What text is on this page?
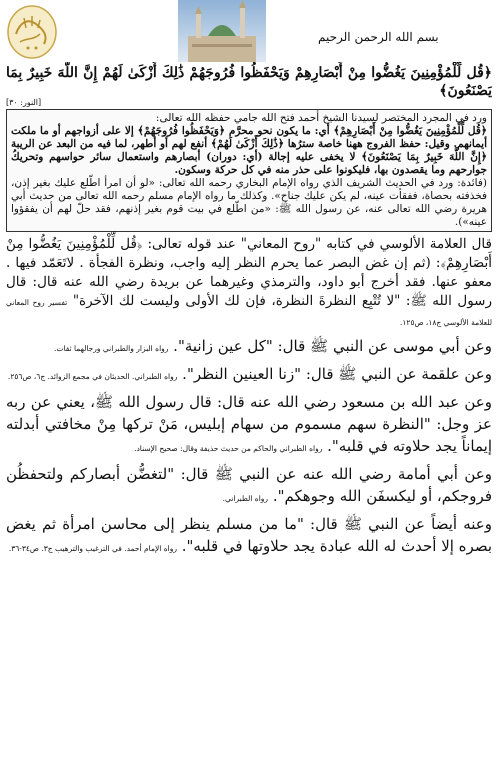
بسم الله الرحمن الرحيم

﴿قُل لِّلْمُؤْمِنِينَ يَغُضُّوا مِنْ أَبْصَارِهِمْ وَيَحْفَظُوا فُرُوجَهُمْ ذَٰلِكَ أَزْكَىٰ لَهُمْ إِنَّ اللَّهَ خَبِيرٌ بِمَا يَصْنَعُونَ﴾

[النور: ٣٠]

ورد في المجرد المختصر لسيدنا الشيخ أحمد فتح الله جامي حفظه الله تعالى:

﴿قُل لِّلْمُؤْمِنِينَ يَغُضُّوا مِنْ أَبْصَارِهِمْ﴾ أي: ما يكون نحو محرَّم ﴿وَيَحْفَظُوا فُرُوجَهُمْ﴾ إلا على أزواجهم أو ما ملكت أيمانهم. وقيل: حفظ الفروج ههنا خاصة سترُها ﴿ذَٰلِكَ أَزْكَىٰ لَهُمْ﴾ أنفع لهم أو أطهر، لما فيه من البعد عن الريبة ﴿إِنَّ اللَّهَ خَبِيرٌ بِمَا يَصْنَعُونَ﴾ لا يخفى عليه إجالة (أي: دوران) أبصارهم واستعمال سائر حواسهم وتحريكُ جوارحهم وما يقصدون بها، فليكونوا على حذر منه في كل حركة وسكون.

(فائدة: ورد في الحديث الشريف الذي رواه الإمام البخاري رحمه الله تعالى: «لو أن امرأ اطّلع عليك بغير إذن، فخذفته بحصاة، ففقأت عينه، لم يكن عليك جناح». وكذلك ما رواه الإمام مسلم رحمه الله تعالى من حديث أبي هريرة رضي الله تعالى عنه، عن رسول الله ﷺ: «من اطّلع في بيت قوم بغير إذنهم، فقد حلّ لهم أن يفقؤوا عينه»).

قال العلامة الألوسي في كتابه "روح المعاني" عند قوله تعالى: ﴿قُل لِّلْمُؤْمِنِينَ يَغُضُّوا مِنْ أَبْصَارِهِمْ﴾: (ثم إن غض البصر عما يحرم النظر إليه واجب، ونظرة الفجأة . لاتَعَمّد فيها . معفو عنها. فقد أخرج أبو داود، والترمذي وغيرهما عن بريدة رضي الله عنه قال: قال رسول الله ﷺ: "لا تُتْبِع النظرةَ النظرة، فإن لك الأولى وليست لك الآخرة" تفسير روح المعاني للعلامة الألوسي ج١٨، ص١٢٥.

وعن أبي موسى عن النبي ﷺ قال: "كل عين زانية". رواه البزار والطبراني ورجالهما ثقات.

وعن علقمة عن النبي ﷺ قال: "زنا العينين النظر". رواه الطبراني. الحديثان في مجمع الزوائد. ج٦، ص٢٥٦.

وعن عبد الله بن مسعود رضي الله عنه قال: قال رسول الله ﷺ، يعني عن ربه عز وجل: "النظرة سهم مسموم من سهام إبليس، مَنْ تركها مِنْ مخافتي أبدلته إيماناً يجد حلاوته في قلبه". رواه الطبراني والحاكم من حديث حذيفة وقال: صحيح الإسناد.

وعن أبي أمامة رضي الله عنه عن النبي ﷺ قال: "لتغضُّن أبصاركم ولتحفظُن فروجكم، أو ليكسفَن الله وجوهكم". رواه الطبراني.

وعنه أيضاً عن النبي ﷺ قال: "ما من مسلم ينظر إلى محاسن امرأة ثم يغض بصره إلا أحدث له الله عبادة يجد حلاوتها في قلبه". رواه الإمام أحمد. في الترغيب والترهيب ج٣. ص٣٤-٣٦.
